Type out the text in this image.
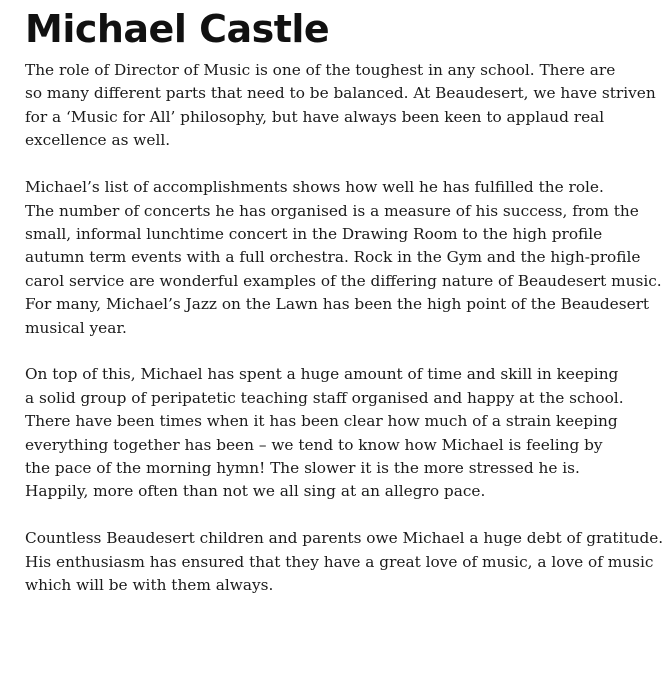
Michael Castle

The role of Director of Music is one of the toughest in any school. There are
so many different parts that need to be balanced. At Beaudesert, we have striven
for a ‘Music for All’ philosophy, but have always been keen to applaud real
excellence as well.

Michael’s list of accomplishments shows how well he has fulfilled the role.
The number of concerts he has organised is a measure of his success, from the
small, informal lunchtime concert in the Drawing Room to the high profile
autumn term events with a full orchestra. Rock in the Gym and the high-profile
carol service are wonderful examples of the differing nature of Beaudesert music.
For many, Michael’s Jazz on the Lawn has been the high point of the Beaudesert
musical year.

On top of this, Michael has spent a huge amount of time and skill in keeping
a solid group of peripatetic teaching staff organised and happy at the school.
There have been times when it has been clear how much of a strain keeping
everything together has been – we tend to know how Michael is feeling by
the pace of the morning hymn! The slower it is the more stressed he is.
Happily, more often than not we all sing at an allegro pace.

Countless Beaudesert children and parents owe Michael a huge debt of gratitude.
His enthusiasm has ensured that they have a great love of music, a love of music
which will be with them always.
